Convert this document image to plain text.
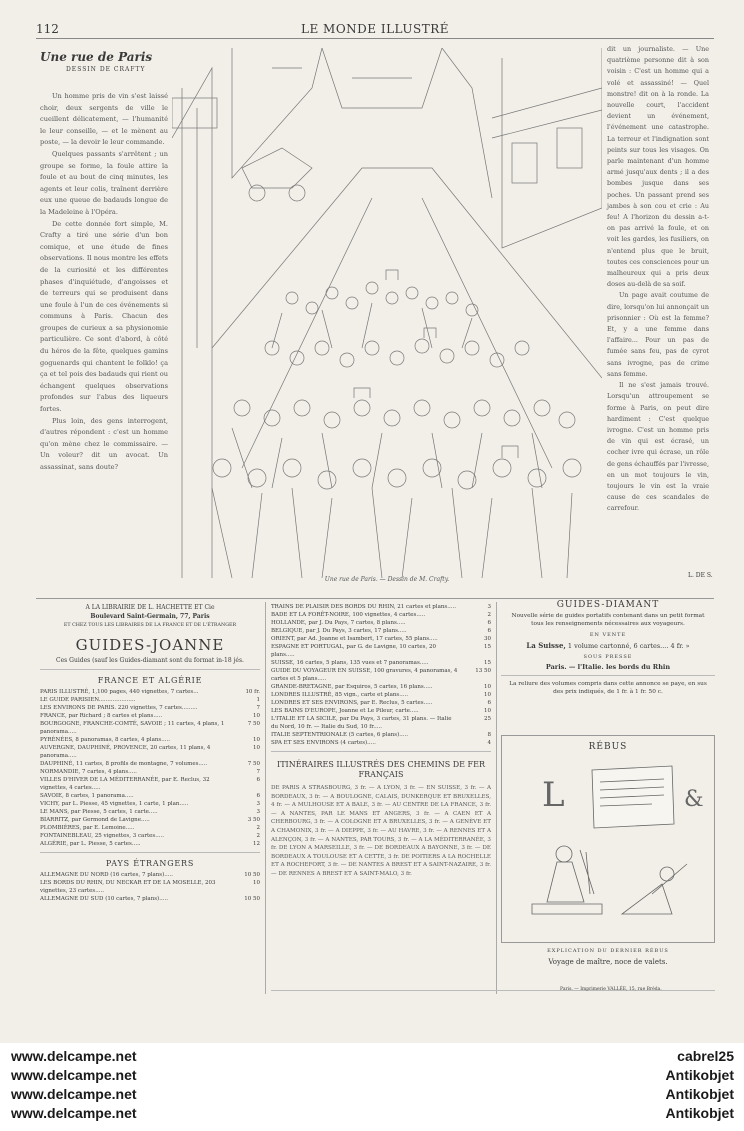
112	LE MONDE ILLUSTRÉ
Une rue de Paris
DESSIN DE CRAFTY

Un homme pris de vin s'est laissé choir, deux sergents de ville le cueillent délicatement, — l'humanité le leur conseille, — et le mènent au poste, — la devoir le leur commande.

Quelques passants s'arrêtent ; un groupe se forme, la foule attire la foule et au bout de cinq minutes, les agents et leur colis, traînent derrière eux une queue de badauds longue de la Madeleine à l'Opéra.

De cette donnée fort simple, M. Crafty a tiré une série d'un bon comique, et une étude de fines observations. Il nous montre les effets de la curiosité et les différentes phases d'inquiétude, d'angoisses et de terreurs qui se produisent dans une foule à l'un de ces événements si communs à Paris. Chacun des groupes de curieux a sa physionomie particulière. Ce sont d'abord, à côté du héros de la fête, quelques gamins goguenards qui chantent le folklo! ça ça et tel pois des badauds qui rient ou échangent quelques observations profondes sur l'abus des liqueurs fortes.

Plus loin, des gens interrogent, d'autres répondent : c'est un homme qu'on mène chez le commissaire. — Un voleur? dit un avocat. Un assassinat, sans doute?

Une rue de Paris. — Dessin de M. Crafty.

dit un journaliste. — Une quatrième personne dit à son voisin : C'est un homme qui a volé et assassiné! — Quel monstre! dit on à la ronde. La nouvelle court, l'accident devient un événement, l'événement une catastrophe. La terreur et l'indignation sont peints sur tous les visages. On parle maintenant d'un homme armé jusqu'aux dents ; il a des bombes jusque dans ses poches. Un passant prend ses jambes à son cou et crie : Au feu! A l'horizon du dessin a-t-on pas arrivé la foule, et on voit les gardes, les fusiliers, on n'entend plus que le bruit, toutes ces consciences pour un malheureux qui a pris deux doses au-delà de sa soif.

Un page avait coutume de dire, lorsqu'on lui annonçait un prisonnier : Où est la femme? Et, y a une femme dans l'affaire... Pour un pas de fumée sans feu, pas de cyrot sans ivrogne, pas de crime sans femme.

Il ne s'est jamais trouvé. Lorsqu'un attroupement se forme à Paris, on peut dire hardiment : C'est quelque ivrogne. C'est un homme pris de vin qui est écrasé, un cocher ivre qui écrase, un rôle de gens échauffés par l'ivresse, en un mot toujours le vin, toujours le vin est la vraie cause de ces scandales de carrefour.

L. DE S.
A LA LIBRAIRIE DE L. HACHETTE ET Cie
Boulevard Saint-Germain, 77, Paris
ET CHEZ TOUS LES LIBRAIRES DE LA FRANCE ET DE L'ÉTRANGER
GUIDES-JOANNE
Ces Guides (sauf les Guides-diamant sont du format in-18 jés.
FRANCE ET ALGÉRIE
PARIS ILLUSTRÉ, 1,100 pages, 440 vignettes, 7 cartes...	10 fr.
LE GUIDE PARISIEN.....................	1
LES ENVIRONS DE PARIS. 220 vignettes, 7 cartes.........	7
FRANCE, par Richard ; 8 cartes et plans.....	10
BOURGOGNE, FRANCHE-COMTÉ, SAVOIE ; 11 cartes, 4 plans, 1 panorama.....
7 50
PYRÉNÉES, 8 panoramas, 8 cartes, 4 plans.....	10
AUVERGNE, DAUPHINÉ, PROVENCE, 20 cartes, 11 plans, 4 panorama.....
10
DAUPHINÉ, 11 cartes, 8 profils de montagne, 7 volumes.....	7 50
NORMANDIE, 7 cartes, 4 plans.....	7
VILLES D'HIVER DE LA MÉDITERRANÉE, par E. Reclus, 32 vignettes, 4 cartes.....
6
SAVOIE, 8 cartes, 1 panorama.....	6
VICHY, par L. Piesse, 45 vignettes, 1 carte, 1 plan.....	3
LE MANS, par Piesse, 5 cartes, 1 carte.....	3
BIARRITZ, par Germond de Lavigne.....	3 50
PLOMBIÈRES, par E. Lemoine.....	2
FONTAINEBLEAU, 25 vignettes, 3 cartes.....	2
ALGÉRIE, par L. Piesse, 5 cartes.....	12
PAYS ÉTRANGERS
ALLEMAGNE DU NORD (16 cartes, 7 plans).....	10 50
LES BORDS DU RHIN, DU NECKAR ET DE LA MOSELLE, 203 vignettes, 23 cartes.....
10
ALLEMAGNE DU SUD (10 cartes, 7 plans).....	10 50
TRAINS DE PLAISIR DES BORDS DU RHIN, 21 cartes et plans.....	3
BADE ET LA FORÊT-NOIRE, 100 vignettes, 4 cartes.....	2
HOLLANDE, par J. Du Pays, 7 cartes, 8 plans.....	6
BELGIQUE, par J. Du Pays, 3 cartes, 17 plans.....	6
ORIENT, par Ad. Joanne et Isambert, 17 cartes, 55 plans.....	30
ESPAGNE ET PORTUGAL, par G. de Lavigne, 10 cartes, 20 plans.....
15
SUISSE, 16 cartes, 5 plans, 135 vues et 7 panoramas.....	15
GUIDE DU VOYAGEUR EN SUISSE, 100 gravures, 4 panoramas, 4 cartes et 5 plans.....
13 50
GRANDE-BRETAGNE, par Esquiros, 5 cartes, 16 plans.....	10
LONDRES ILLUSTRÉ, 85 vign., carte et plans.....	10
LONDRES ET SES ENVIRONS, par E. Reclus, 5 cartes.....	6
LES BAINS D'EUROPE, Joanne et Le Pileur, carte.....	10
L'ITALIE ET LA SICILE, par Du Pays, 3 cartes, 31 plans. — Italie du Nord, 10 fr. — Italie du Sud, 10 fr.....
25
ITALIE SEPTENTRIONALE (5 cartes, 6 plans).....	8
SPA ET SES ENVIRONS (4 cartes).....	4
ITINÉRAIRES ILLUSTRÉS DES CHEMINS DE FER FRANÇAIS
DE PARIS A STRASBOURG, 3 fr. — A LYON, 3 fr. — EN SUISSE, 3 fr. — A BORDEAUX, 3 fr. — A BOULOGNE, CALAIS, DUNKERQUE ET BRUXELLES, 4 fr. — A MULHOUSE ET A BALE, 3 fr. — AU CENTRE DE LA FRANCE, 3 fr. — A NANTES, PAR LE MANS ET ANGERS, 3 fr. — A CAEN ET A CHERBOURG, 3 fr. — A COLOGNE ET A BRUXELLES, 3 fr. — A GENÈVE ET A CHAMONIX, 3 fr. — A DIEPPE, 3 fr. — AU HAVRE, 3 fr. — A RENNES ET A ALENÇON, 3 fr. — A NANTES, PAR TOURS, 3 fr. — A LA MÉDITERRANÉE, 3 fr. DE LYON A MARSEILLE, 3 fr. — DE BORDEAUX A BAYONNE, 3 fr. — DE BORDEAUX A TOULOUSE ET A CETTE, 3 fr. DE POITIERS A LA ROCHELLE ET A ROCHEFORT, 3 fr. — DE NANTES A BREST ET A SAINT-NAZAIRE, 3 fr. — DE RENNES A BREST ET A SAINT-MALO, 3 fr.
GUIDES-DIAMANT
Nouvelle série de guides portatifs contenant dans un petit format tous les renseignements nécessaires aux voyageurs.
EN VENTE
La Suisse, 1 volume cartonné, 6 cartes.... 4 fr. »
SOUS PRESSE
Paris. — l'Italie. les bords du Rhin
La reliure des volumes compris dans cette annonce se paye, en sus des prix indiqués, de 1 fr. à 1 fr. 50 c.
RÉBUS
L	&
EXPLICATION DU DERNIER RÉBUS
Voyage de maître, noce de valets.
Paris. — Imprimerie VALLÉE, 15, rue Bréda.
www.delcampe.net
www.delcampe.net
www.delcampe.net
www.delcampe.net
cabrel25
Antikobjet
Antikobjet
Antikobjet
